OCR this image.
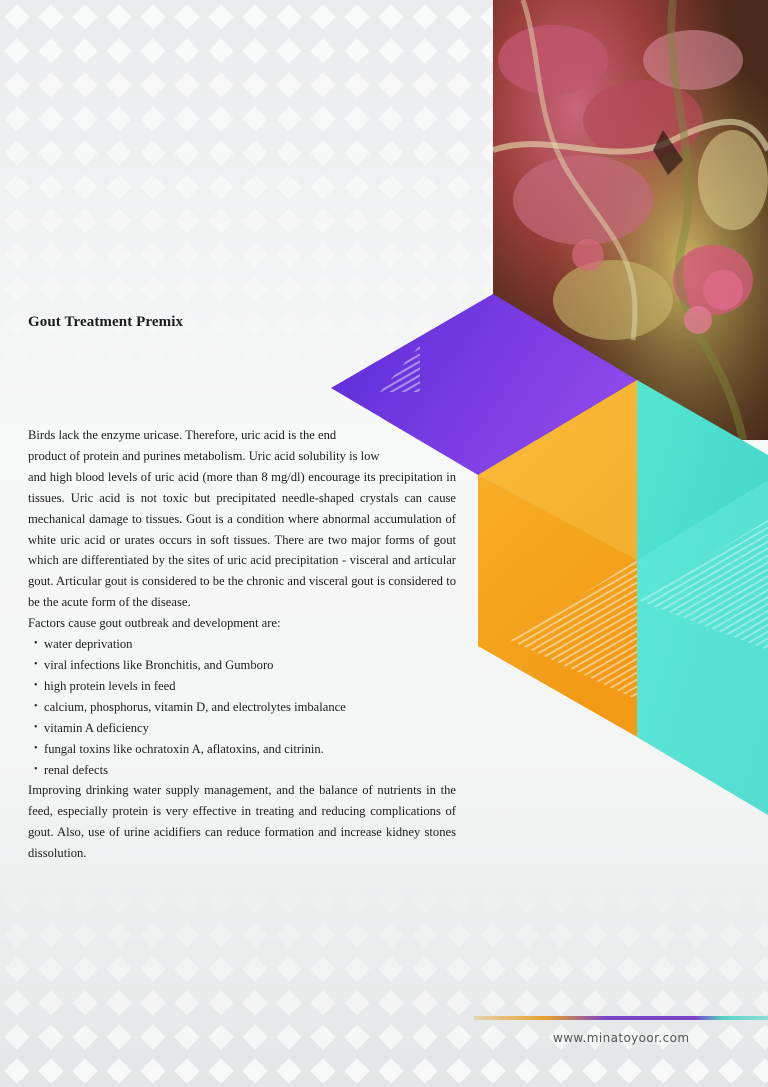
Gout Treatment Premix

Birds lack the enzyme uricase. Therefore, uric acid is the end
product of protein and purines metabolism. Uric acid solubility is low

and high blood levels of uric acid (more than 8 mg/dl) encourage its precipitation in tissues. Uric acid is not toxic but precipitated needle-shaped crystals can cause mechanical damage to tissues. Gout is a condition where abnormal accumulation of white uric acid or urates occurs in soft tissues. There are two major forms of gout which are differentiated by the sites of uric acid precipitation - visceral and articular gout. Articular gout is considered to be the chronic and visceral gout is considered to be the acute form of the disease.

Factors cause gout outbreak and development are:

• water deprivation
• viral infections like Bronchitis, and Gumboro
• high protein levels in feed
• calcium, phosphorus, vitamin D, and electrolytes imbalance
• vitamin A deficiency
• fungal toxins like ochratoxin A, aflatoxins, and citrinin.
• renal defects

Improving drinking water supply management, and the balance of nutrients in the feed, especially protein is very effective in treating and reducing complications of gout. Also, use of urine acidifiers can reduce formation and increase kidney stones dissolution.

www.minatoyoor.com
